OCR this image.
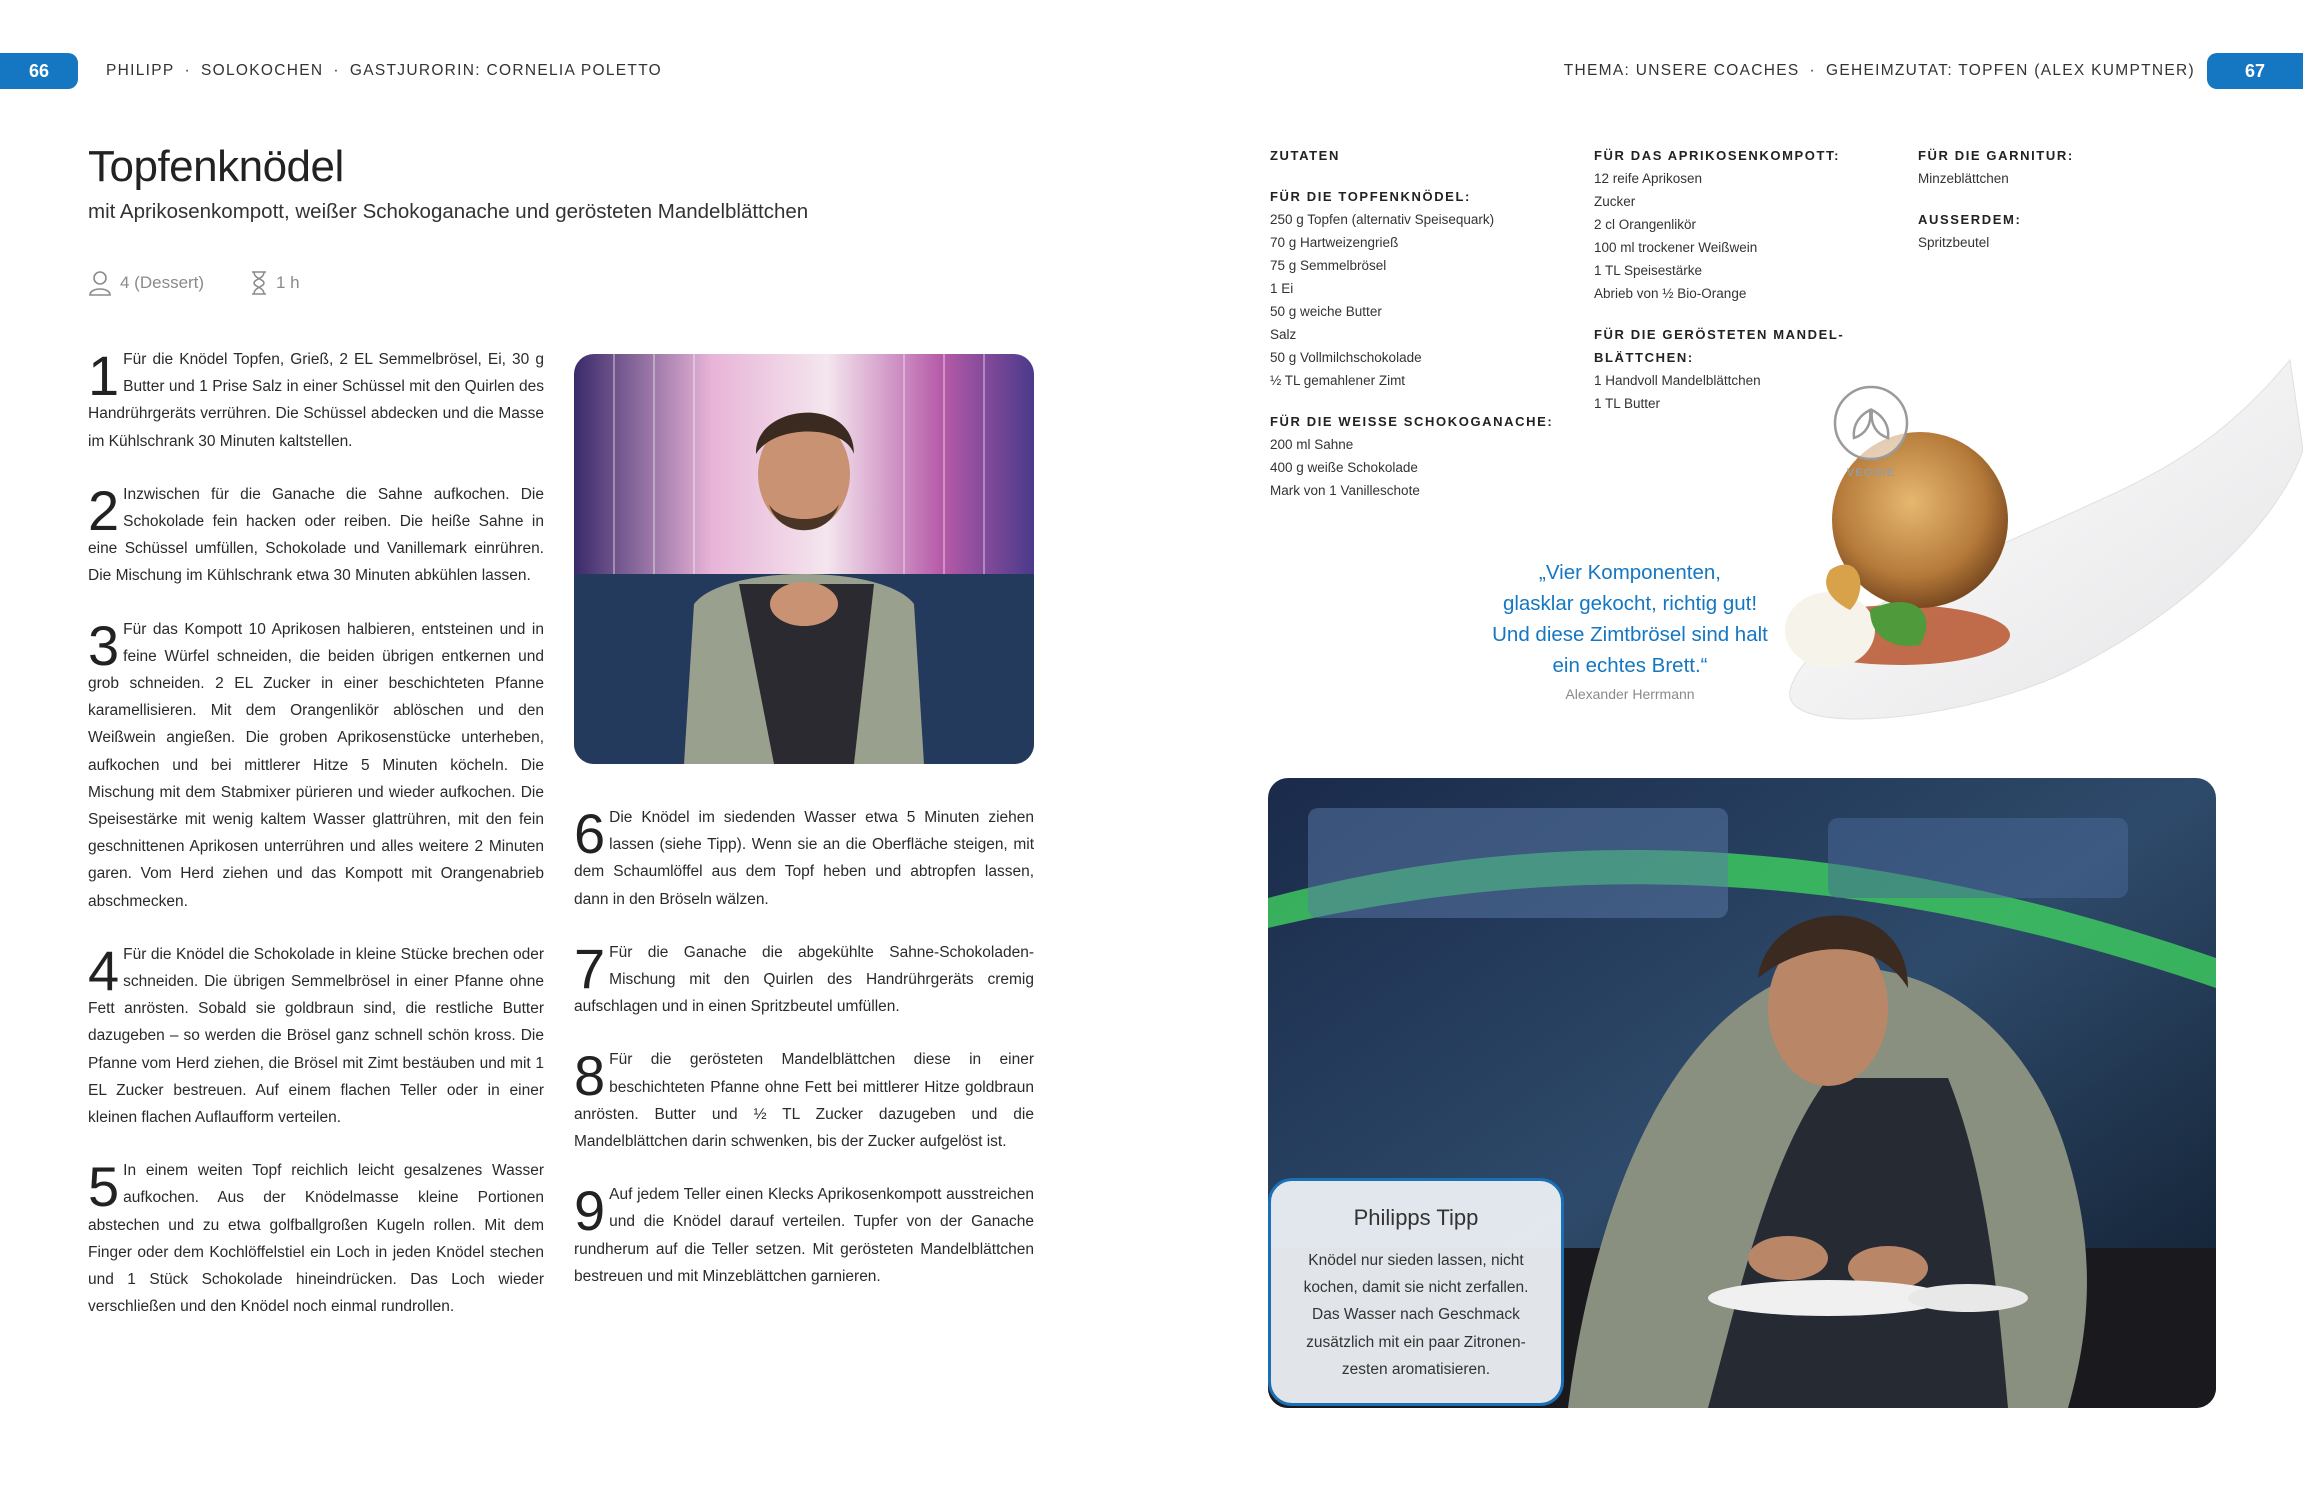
66	PHILIPP · SOLOKOCHEN · GASTJURORIN: CORNELIA POLETTO	THEMA: UNSERE COACHES · GEHEIMZUTAT: TOPFEN (ALEX KUMPTNER)	67
Topfenknödel
mit Aprikosenkompott, weißer Schokoganache und gerösteten Mandelblättchen
4 (Dessert)	1 h
1 Für die Knödel Topfen, Grieß, 2 EL Semmelbrösel, Ei, 30 g Butter und 1 Prise Salz in einer Schüssel mit den Quirlen des Handrührgeräts verrühren. Die Schüssel abdecken und die Masse im Kühlschrank 30 Minuten kaltstellen.
2 Inzwischen für die Ganache die Sahne aufkochen. Die Schokolade fein hacken oder reiben. Die heiße Sahne in eine Schüssel umfüllen, Schokolade und Vanillemark einrühren. Die Mischung im Kühlschrank etwa 30 Minuten abkühlen lassen.
3 Für das Kompott 10 Aprikosen halbieren, entsteinen und in feine Würfel schneiden, die beiden übrigen entkernen und grob schneiden. 2 EL Zucker in einer beschichteten Pfanne karamellisieren. Mit dem Orangenlikör ablöschen und den Weißwein angießen. Die groben Aprikosenstücke unterheben, aufkochen und bei mittlerer Hitze 5 Minuten köcheln. Die Mischung mit dem Stabmixer pürieren und wieder aufkochen. Die Speisestärke mit wenig kaltem Wasser glattrühren, mit den fein geschnittenen Aprikosen unterrühren und alles weitere 2 Minuten garen. Vom Herd ziehen und das Kompott mit Orangenabrieb abschmecken.
4 Für die Knödel die Schokolade in kleine Stücke brechen oder schneiden. Die übrigen Semmelbrösel in einer Pfanne ohne Fett anrösten. Sobald sie goldbraun sind, die restliche Butter dazugeben – so werden die Brösel ganz schnell schön kross. Die Pfanne vom Herd ziehen, die Brösel mit Zimt bestäuben und mit 1 EL Zucker bestreuen. Auf einem flachen Teller oder in einer kleinen flachen Auflaufform verteilen.
5 In einem weiten Topf reichlich leicht gesalzenes Wasser aufkochen. Aus der Knödelmasse kleine Portionen abstechen und zu etwa golfballgroßen Kugeln rollen. Mit dem Finger oder dem Kochlöffelstiel ein Loch in jeden Knödel stechen und 1 Stück Schokolade hineindrücken. Das Loch wieder verschließen und den Knödel noch einmal rundrollen.
6 Die Knödel im siedenden Wasser etwa 5 Minuten ziehen lassen (siehe Tipp). Wenn sie an die Oberfläche steigen, mit dem Schaumlöffel aus dem Topf heben und abtropfen lassen, dann in den Bröseln wälzen.
7 Für die Ganache die abgekühlte Sahne-Schokoladen-Mischung mit den Quirlen des Handrührgeräts cremig aufschlagen und in einen Spritzbeutel umfüllen.
8 Für die gerösteten Mandelblättchen diese in einer beschichteten Pfanne ohne Fett bei mittlerer Hitze goldbraun anrösten. Butter und ½ TL Zucker dazugeben und die Mandelblättchen darin schwenken, bis der Zucker aufgelöst ist.
9 Auf jedem Teller einen Klecks Aprikosenkompott ausstreichen und die Knödel darauf verteilen. Tupfer von der Ganache rundherum auf die Teller setzen. Mit gerösteten Mandelblättchen bestreuen und mit Minzeblättchen garnieren.
ZUTATEN
FÜR DIE TOPFENKNÖDEL:

250 g Topfen (alternativ Speisequark)

70 g Hartweizengrieß

75 g Semmelbrösel

1 Ei

50 g weiche Butter

Salz

50 g Vollmilchschokolade

½ TL gemahlener Zimt

FÜR DIE WEISSE SCHOKOGANACHE:

200 ml Sahne

400 g weiße Schokolade

Mark von 1 Vanilleschote

FÜR DAS APRIKOSENKOMPOTT:

12 reife Aprikosen

Zucker

2 cl Orangenlikör

100 ml trockener Weißwein

1 TL Speisestärke

Abrieb von ½ Bio-Orange

FÜR DIE GERÖSTETEN MANDEL-
BLÄTTCHEN:

1 Handvoll Mandelblättchen

1 TL Butter

FÜR DIE GARNITUR:

Minzeblättchen

AUSSERDEM:

Spritzbeutel

VEGGIE
„Vier Komponenten,
glasklar gekocht, richtig gut!
Und diese Zimtbrösel sind halt
ein echtes Brett.“
Alexander Herrmann
Philipps Tipp
Knödel nur sieden lassen, nicht
kochen, damit sie nicht zerfallen.
Das Wasser nach Geschmack
zusätzlich mit ein paar Zitronen-
zesten aromatisieren.
